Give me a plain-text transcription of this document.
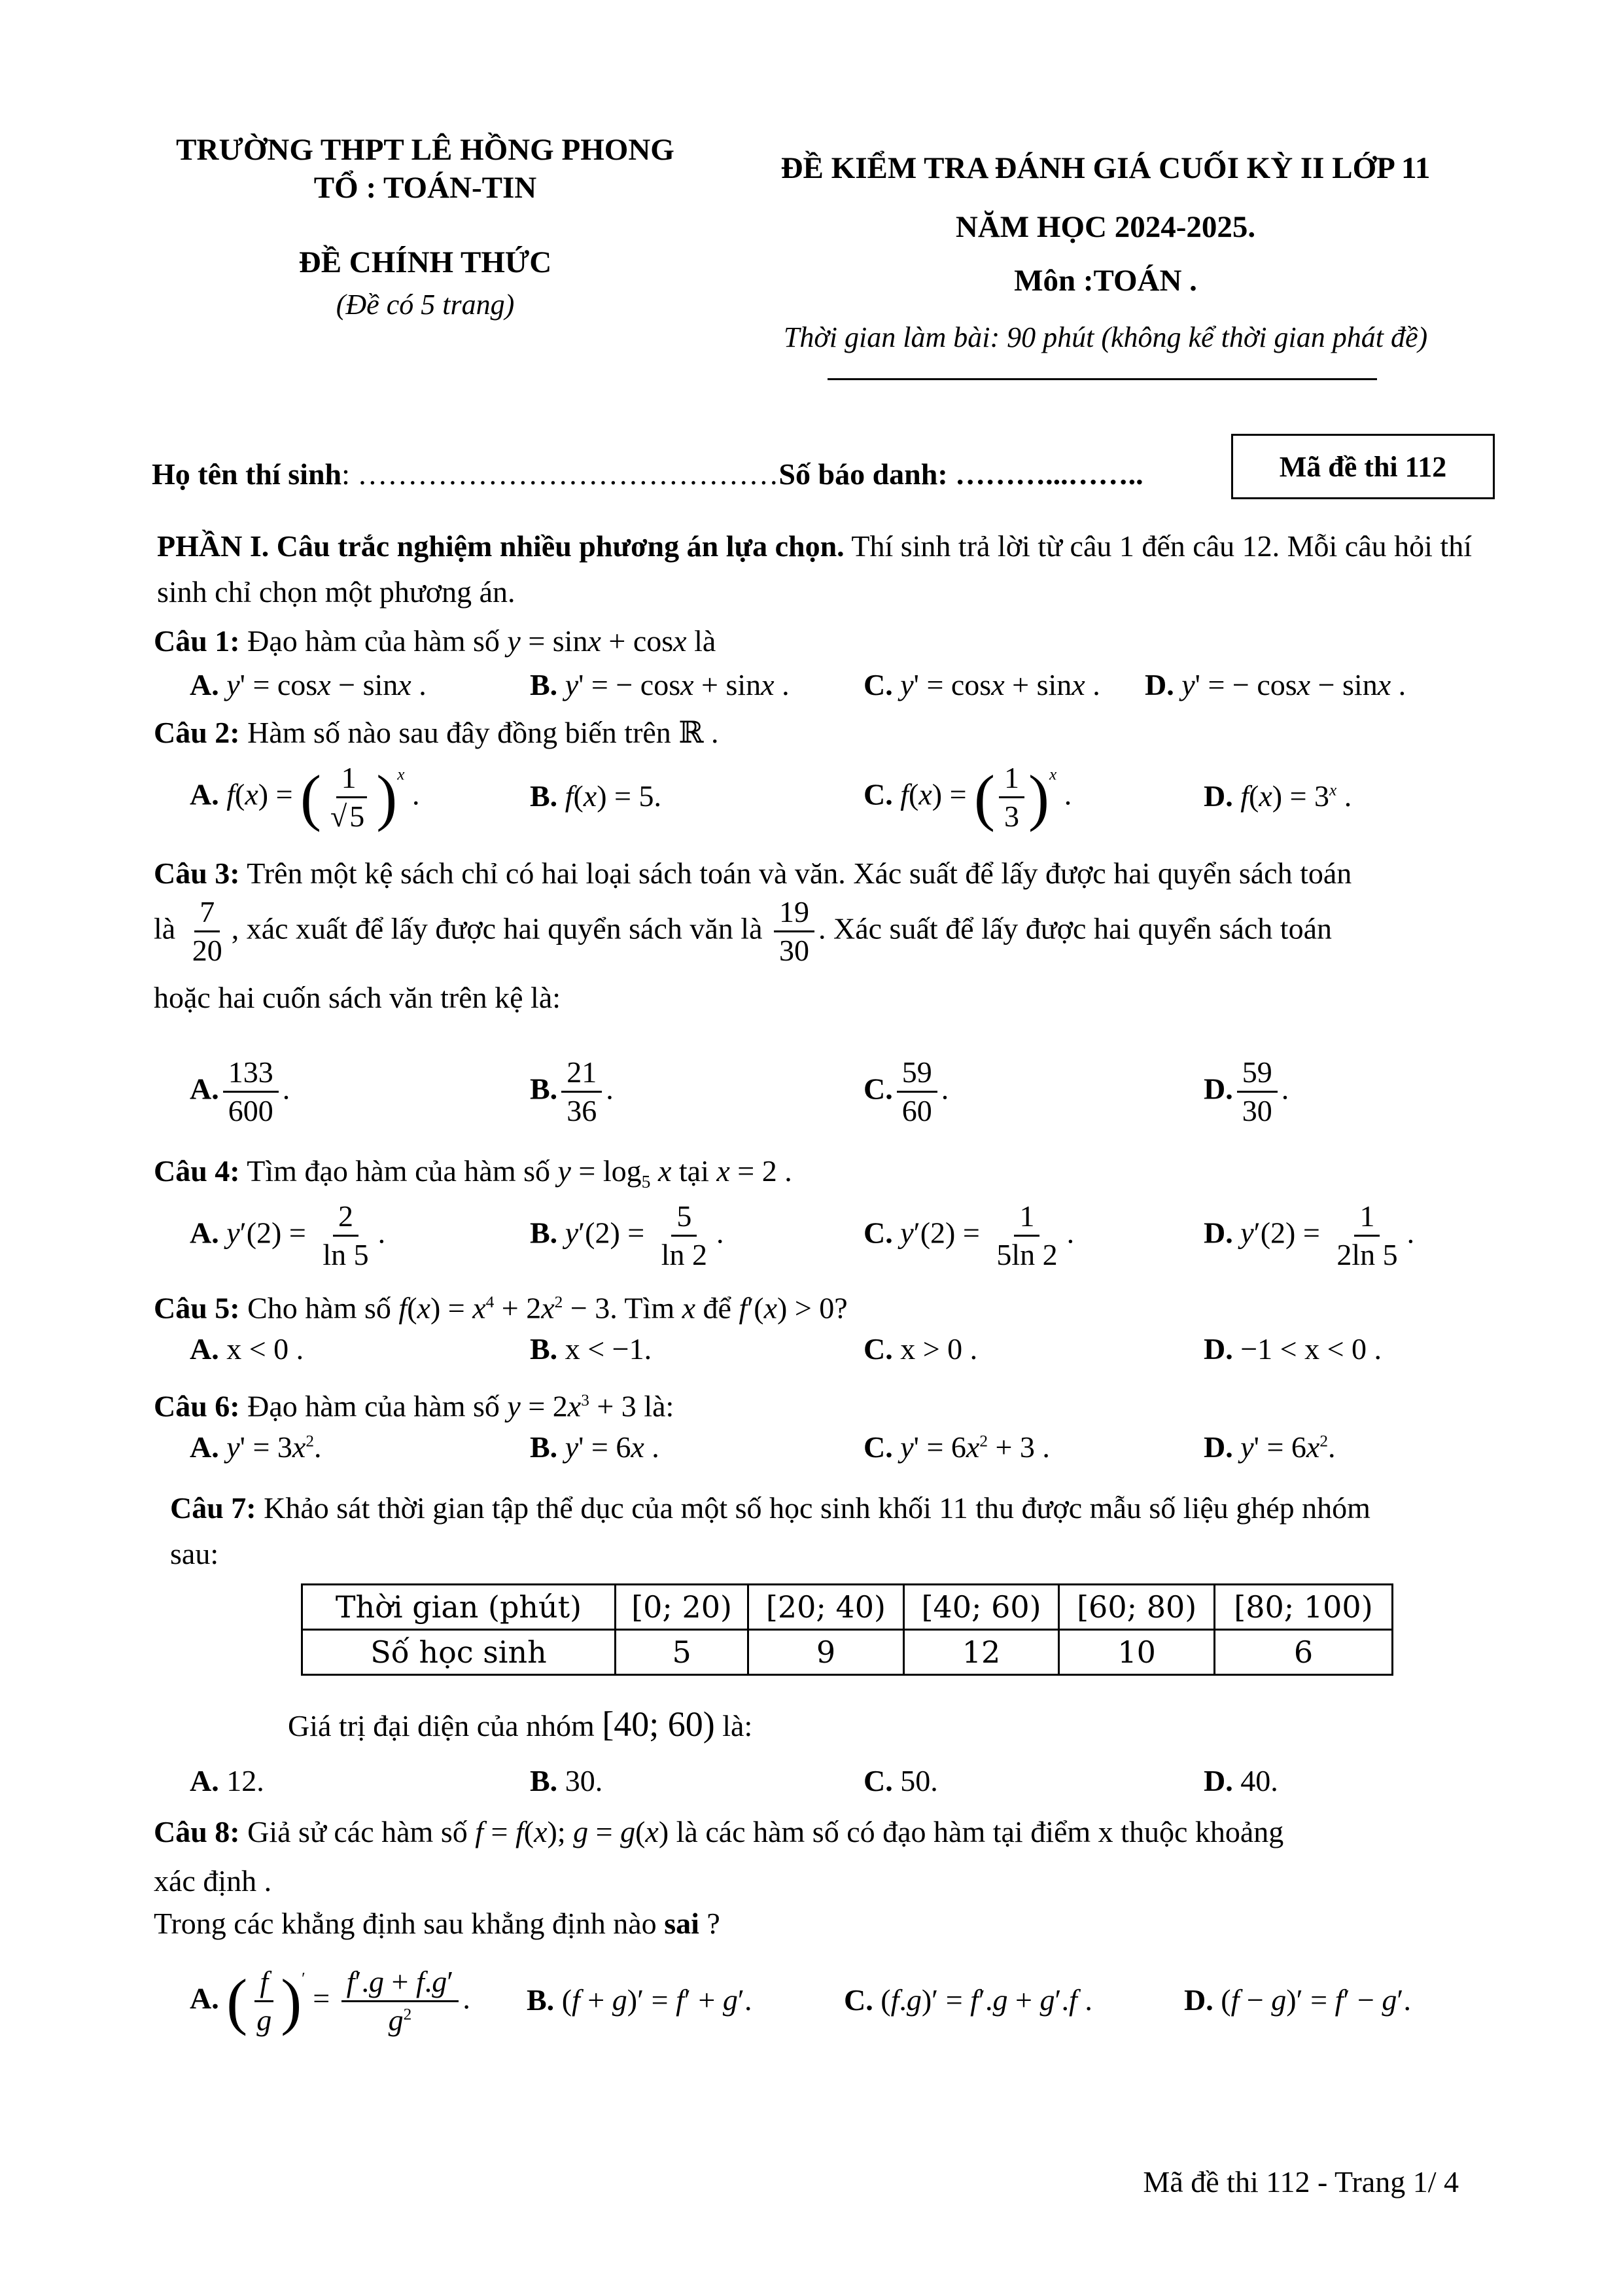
TRƯỜNG THPT LÊ HỒNG PHONG
TỔ : TOÁN-TIN
ĐỀ CHÍNH THỨC
(Đề có 5 trang)
ĐỀ KIỂM TRA ĐÁNH GIÁ CUỐI KỲ II LỚP 11
NĂM HỌC 2024-2025.
Môn :TOÁN .
Thời gian làm bài: 90 phút (không kể thời gian phát đề)
Họ tên thí sinh: ……………………………………Số báo danh: ………...……..	Mã đề thi 112
PHẦN I. Câu trắc nghiệm nhiều phương án lựa chọn. Thí sinh trả lời từ câu 1 đến câu 12. Mỗi câu hỏi thí sinh chỉ chọn một phương án.
Câu 1: Đạo hàm của hàm số y = sinx + cosx là
A. y' = cosx − sinx .	B. y' = − cosx + sinx . C. y' = cosx + sinx . D. y' = − cosx − sinx .
Câu 2: Hàm số nào sau đây đồng biến trên ℝ .
A. f(x) = ( $\frac{1}{√5} )^x$ .	B. f(x) = 5.	C. f(x) = ( $\frac{1}{3} )^x$ .	D. $f(x) = 3^x$ .
Câu 3: Trên một kệ sách chỉ có hai loại sách toán và văn. Xác suất để lấy được hai quyển sách toán
là $\frac{7}{20}$ , xác xuất để lấy được hai quyển sách văn là $\frac{19}{30}$ . Xác suất để lấy được hai quyển sách toán
hoặc hai cuốn sách văn trên kệ là:
A. $\frac{133}{600}$ .	B. $\frac{21}{36}$ .	C. $\frac{59}{60}$ .	D. $\frac{59}{30}$ .
Câu 4: Tìm đạo hàm của hàm số $y = \log_5 x$ tại x = 2 .
A. $y'(2) = \frac{2}{\ln 5}$ .	B. $y'(2) = \frac{5}{\ln 2}$ .	C. $y'(2) = \frac{1}{5\ln 2}$ .	D. $y'(2) = \frac{1}{2\ln 5}$ .
Câu 5: Cho hàm số $f(x) = x^4 + 2x^2 - 3$. Tìm x để f′(x) > 0?
A. x < 0 .	B. x < −1.	C. x > 0 .	D. −1 < x < 0 .
Câu 6: Đạo hàm của hàm số $y = 2x^3 + 3$ là:
A. $y' = 3x^2$.	B. y' = 6x .	C. $y' = 6x^2 + 3$ .	D. $y' = 6x^2$.
Câu 7: Khảo sát thời gian tập thể dục của một số học sinh khối 11 thu được mẫu số liệu ghép nhóm
sau:
Thời gian (phút)	[0; 20)	[20; 40)	[40; 60)	[60; 80)	[80; 100)
Số học sinh	5	9	12	10	6
Giá trị đại diện của nhóm [40; 60) là:
A. 12.	B. 30.	C. 50.	D. 40.
Câu 8: Giả sử các hàm số f = f(x); g = g(x) là các hàm số có đạo hàm tại điểm x thuộc khoảng
xác định .
Trong các khẳng định sau khẳng định nào sai ?
A. ( $\frac{f}{g} )' = \frac{f'.g + f.g'}{g^2}$ . B. (f + g)′ = f′ + g′.	C. (f.g)′ = f′.g + g′.f .	D. (f − g)′ = f′ − g′.
Mã đề thi 112 - Trang 1/ 4
